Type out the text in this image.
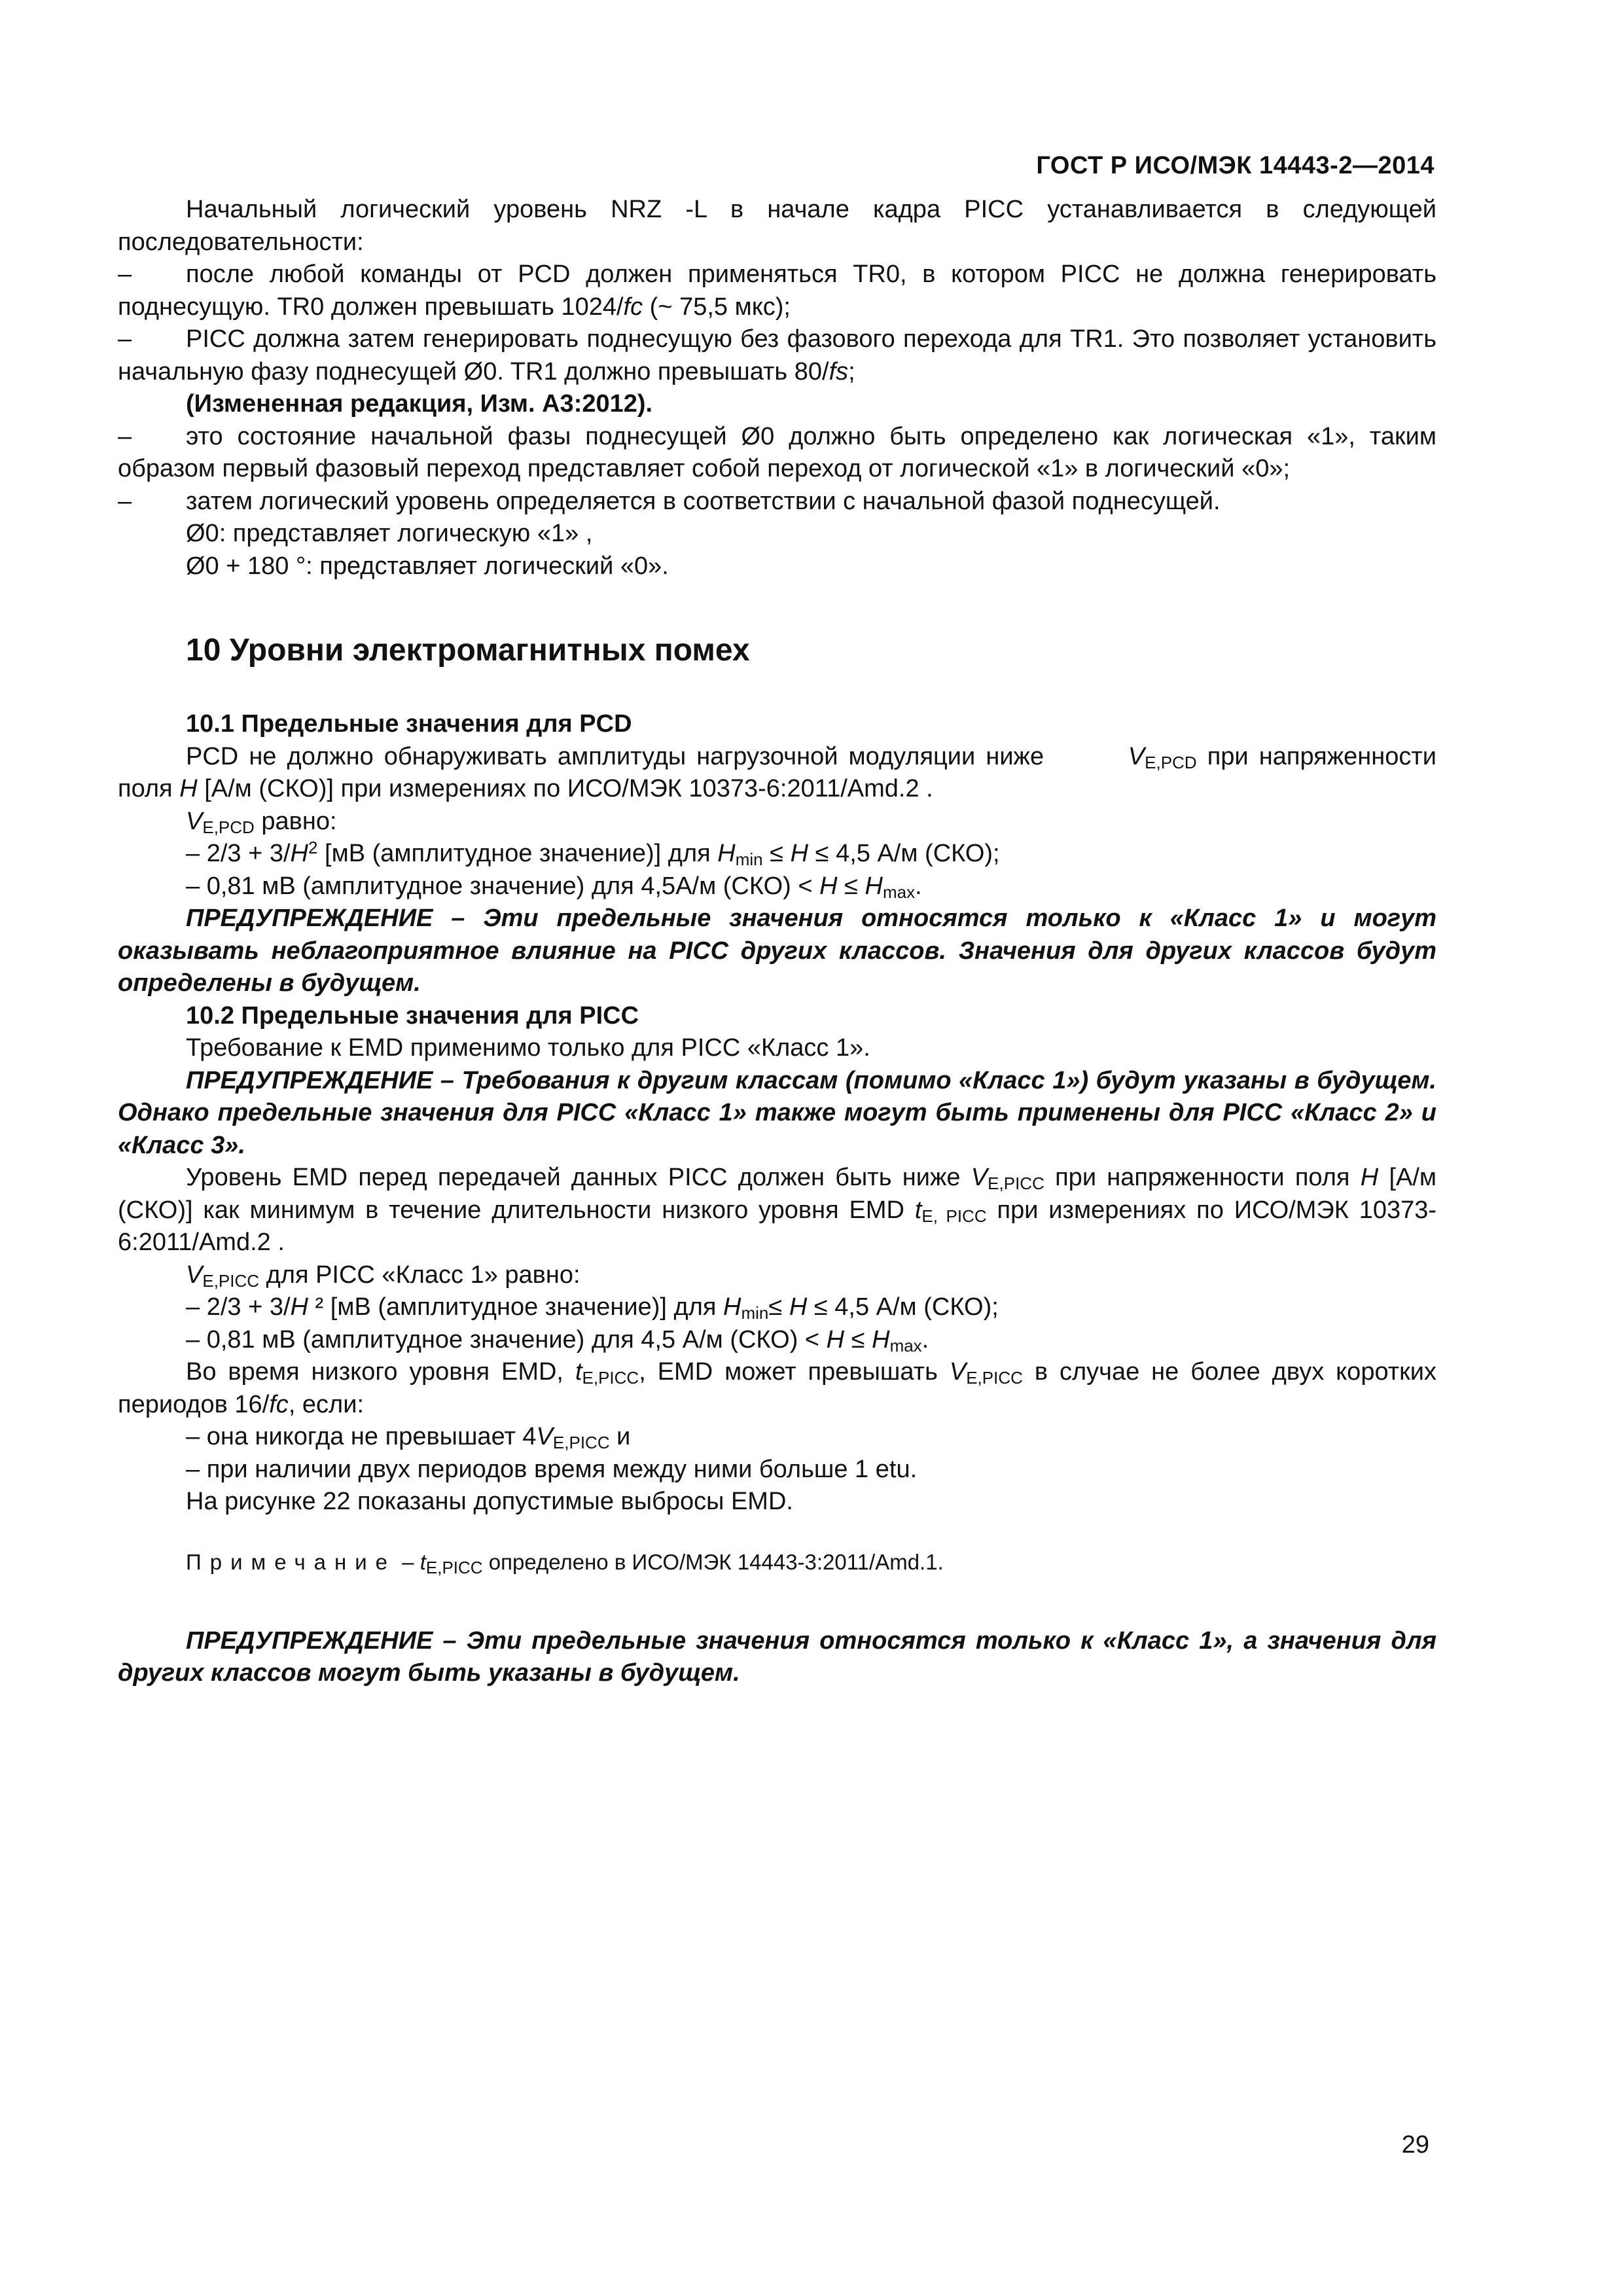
ГОСТ Р ИСО/МЭК 14443-2—2014

Начальный логический уровень NRZ -L в начале кадра PICC устанавливается в следующей последовательности:

– после любой команды от PCD должен применяться TR0, в котором PICC не должна генерировать поднесущую. TR0 должен превышать 1024/fc (~ 75,5 мкс);

– PICC должна затем генерировать поднесущую без фазового перехода для TR1. Это позволяет установить начальную фазу поднесущей Ø0. TR1 должно превышать 80/fs;

(Измененная редакция, Изм. А3:2012).

– это состояние начальной фазы поднесущей Ø0 должно быть определено как логическая «1», таким образом первый фазовый переход представляет собой переход от логической «1» в логический «0»;

– затем логический уровень определяется в соответствии с начальной фазой поднесущей.

Ø0: представляет логическую «1» ,

Ø0 + 180 °: представляет логический «0».

10 Уровни электромагнитных помех
10.1 Предельные значения для PCD

PCD не должно обнаруживать амплитуды нагрузочной модуляции ниже	$V_{E,PCD}$ при напряженности поля H [А/м (СКО)] при измерениях по ИСО/МЭК 10373-6:2011/Amd.2 .

$V_{E,PCD}$ равно:

– $2/3 + 3/H^2$ [мВ (амплитудное значение)] для $H_{min} \le H \le 4,5$ А/м (СКО);

– 0,81 мВ (амплитудное значение) для 4,5А/м $(СКО) < H \le H_{max}$.

ПРЕДУПРЕЖДЕНИЕ – Эти предельные значения относятся только к «Класс 1» и могут оказывать неблагоприятное влияние на PICC других классов. Значения для других классов будут определены в будущем.

10.2 Предельные значения для PICC

Требование к EMD применимо только для PICC «Класс 1».

ПРЕДУПРЕЖДЕНИЕ – Требования к другим классам (помимо «Класс 1») будут указаны в будущем. Однако предельные значения для PICC «Класс 1» также могут быть применены для PICC «Класс 2» и «Класс 3».

Уровень EMD перед передачей данных PICC должен быть ниже $V_{E,PICC}$ при напряженности поля H [А/м (СКО)] как минимум в течение длительности низкого уровня EMD $t_{E, PICC}$ при измерениях по ИСО/МЭК 10373-6:2011/Amd.2 .

$V_{E,PICC}$ для PICC «Класс 1» равно:

– 2/3 + 3/H ² [мВ (амплитудное значение)] для $H_{min}\le H \le 4,5$ А/м (СКО);

– 0,81 мВ (амплитудное значение) для 4,5 А/м $(СКО) < H \le H_{max}$.

Во время низкого уровня EMD, $t_{E,PICC}$, EMD может превышать $V_{E,PICC}$ в случае не более двух коротких периодов 16/fc, если:

– она никогда не превышает $4V_{E,PICC}$ и

– при наличии двух периодов время между ними больше 1 etu.

На рисунке 22 показаны допустимые выбросы EMD.

Примечание – $t_{E,PICC}$ определено в ИСО/МЭК 14443-3:2011/Amd.1.

ПРЕДУПРЕЖДЕНИЕ – Эти предельные значения относятся только к «Класс 1», а значения для других классов могут быть указаны в будущем.

29
